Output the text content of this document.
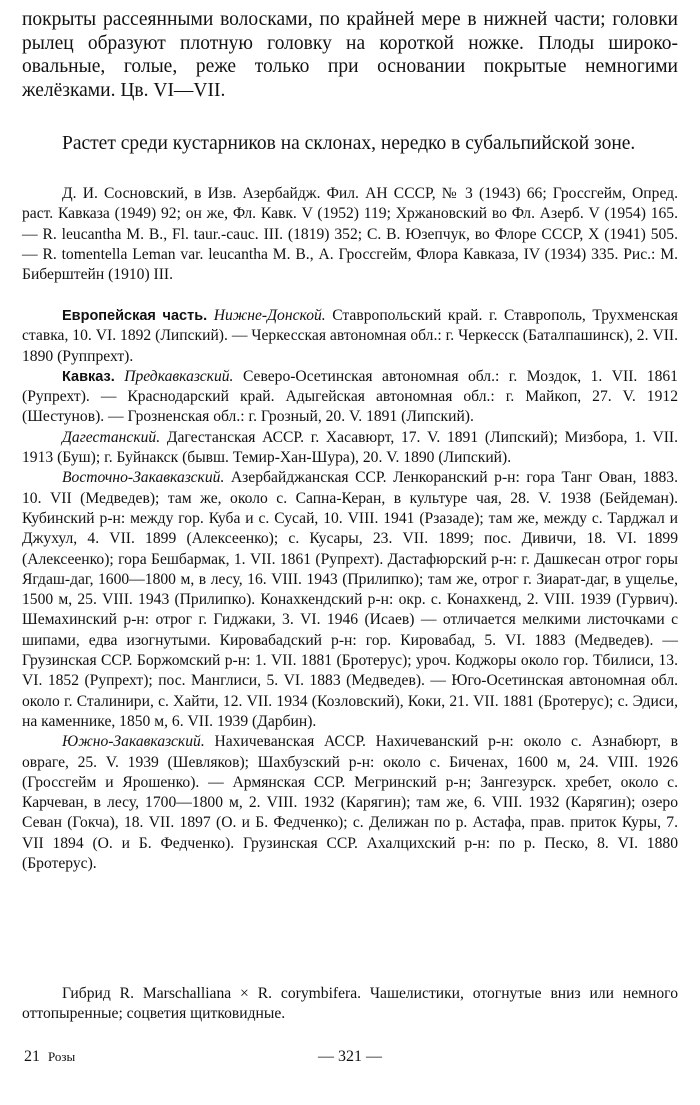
покрыты рассеянными волосками, по крайней мере в нижней части; головки рылец образуют плотную головку на короткой ножке. Плоды широко-овальные, голые, реже только при основании покрытые немногими желёзками. Цв. VI—VII.
Растет среди кустарников на склонах, нередко в субальпийской зоне.
Д. И. Сосновский, в Изв. Азербайдж. Фил. АН СССР, № 3 (1943) 66; Гроссгейм, Опред. раст. Кавказа (1949) 92; он же, Фл. Кавк. V (1952) 119; Хржановский во Фл. Азерб. V (1954) 165. — R. leucantha M. B., Fl. taur.-cauc. III. (1819) 352; С. В. Юзепчук, во Флоре СССР, X (1941) 505. — R. tomentella Leman var. leucantha M. B., А. Гроссгейм, Флора Кавказа, IV (1934) 335. Рис.: М. Биберштейн (1910) III.

Европейская часть. Нижне-Донской. Ставропольский край. г. Ставрополь, Трухменская ставка, 10. VI. 1892 (Липский). — Черкесская автономная обл.: г. Черкесск (Баталпашинск), 2. VII. 1890 (Руппрехт).

Кавказ. Предкавказский. Северо-Осетинская автономная обл.: г. Моздок, 1. VII. 1861 (Рупрехт). — Краснодарский край. Адыгейская автономная обл.: г. Майкоп, 27. V. 1912 (Шестунов). — Грозненская обл.: г. Грозный, 20. V. 1891 (Липский).

Дагестанский. Дагестанская АССР. г. Хасавюрт, 17. V. 1891 (Липский); Мизбора, 1. VII. 1913 (Буш); г. Буйнакск (бывш. Темир-Хан-Шура), 20. V. 1890 (Липский).

Восточно-Закавказский. Азербайджанская ССР. Ленкоранский р-н: гора Танг Ован, 1883. 10. VII (Медведев); там же, около с. Сапна-Керан, в культуре чая, 28. V. 1938 (Бейдеман). Кубинский р-н: между гор. Куба и с. Сусай, 10. VIII. 1941 (Рзазаде); там же, между с. Тарджал и Джухул, 4. VII. 1899 (Алексеенко); с. Кусары, 23. VII. 1899; пос. Дивичи, 18. VI. 1899 (Алексеенко); гора Бешбармак, 1. VII. 1861 (Рупрехт). Дастафюрский р-н: г. Дашкесан отрог горы Ягдаш-даг, 1600—1800 м, в лесу, 16. VIII. 1943 (Прилипко); там же, отрог г. Зиарат-даг, в ущелье, 1500 м, 25. VIII. 1943 (Прилипко). Конахкендский р-н: окр. с. Конахкенд, 2. VIII. 1939 (Гурвич). Шемахинский р-н: отрог г. Гиджаки, 3. VI. 1946 (Исаев) — отличается мелкими листочками с шипами, едва изогнутыми. Кировабадский р-н: гор. Кировабад, 5. VI. 1883 (Медведев). — Грузинская ССР. Боржомский р-н: 1. VII. 1881 (Бротерус); уроч. Коджоры около гор. Тбилиси, 13. VI. 1852 (Рупрехт); пос. Манглиси, 5. VI. 1883 (Медведев). — Юго-Осетинская автономная обл. около г. Сталинири, с. Хайти, 12. VII. 1934 (Козловский), Коки, 21. VII. 1881 (Бротерус); с. Эдиси, на каменнике, 1850 м, 6. VII. 1939 (Дарбин).

Южно-Закавказский. Нахичеванская АССР. Нахичеванский р-н: около с. Азнабюрт, в овраге, 25. V. 1939 (Шевляков); Шахбузский р-н: около с. Биченах, 1600 м, 24. VIII. 1926 (Гроссгейм и Ярошенко). — Армянская ССР. Мегринский р-н; Зангезурск. хребет, около с. Карчеван, в лесу, 1700—1800 м, 2. VIII. 1932 (Карягин); там же, 6. VIII. 1932 (Карягин); озеро Севан (Гокча), 18. VII. 1897 (О. и Б. Федченко); с. Делижан по р. Астафа, прав. приток Куры, 7. VII 1894 (О. и Б. Федченко). Грузинская ССР. Ахалцихский р-н: по р. Песко, 8. VI. 1880 (Бротерус).

Гибрид R. Marschalliana × R. corymbifera. Чашелистики, отогнутые вниз или немного оттопыренные; соцветия щитковидные.
21 Розы	— 321 —
